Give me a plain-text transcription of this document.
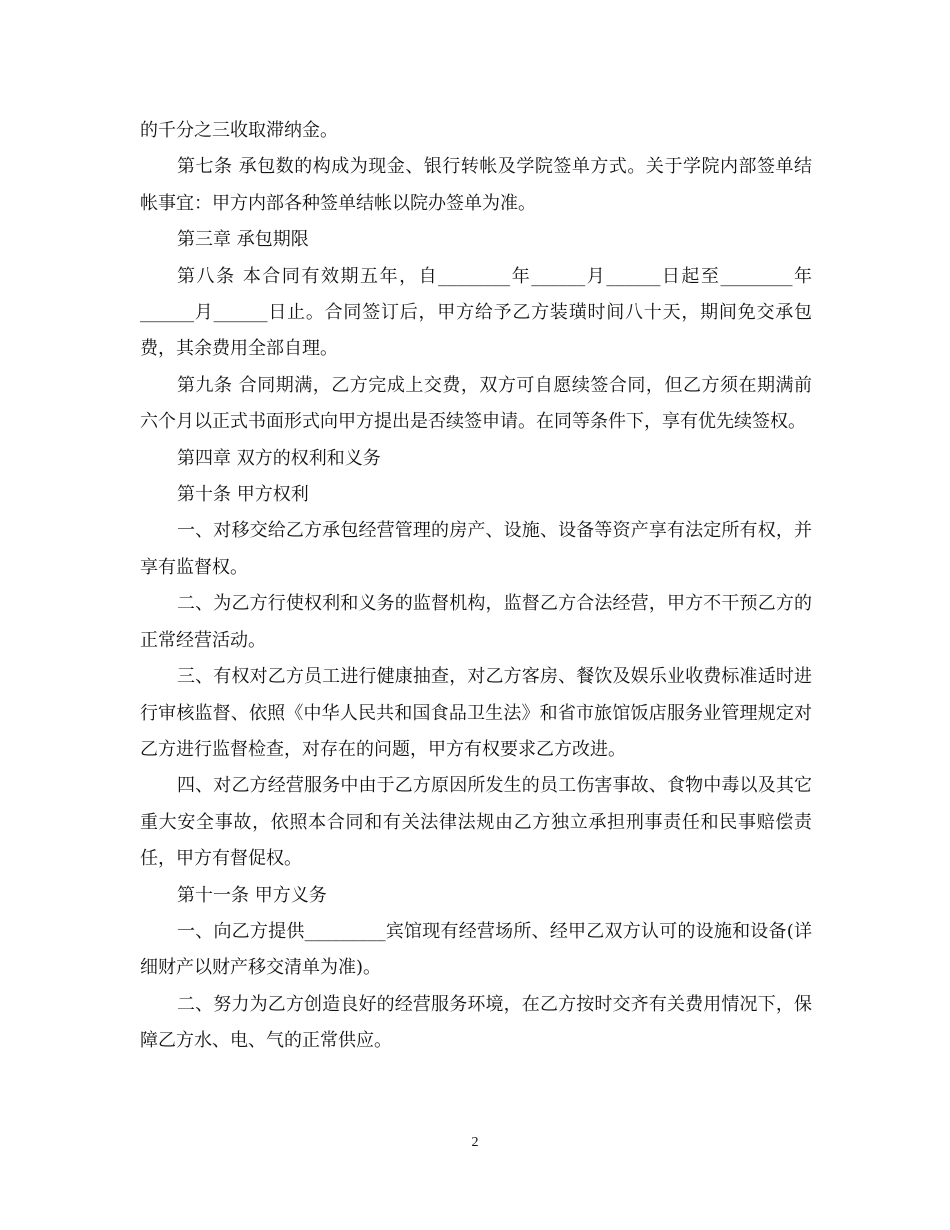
的千分之三收取滞纳金。

第七条 承包数的构成为现金、银行转帐及学院签单方式。关于学院内部签单结帐事宜：甲方内部各种签单结帐以院办签单为准。

第三章 承包期限

第八条 本合同有效期五年，自________年______月______日起至________年______月______日止。合同签订后，甲方给予乙方装璜时间八十天，期间免交承包费，其余费用全部自理。

第九条 合同期满，乙方完成上交费，双方可自愿续签合同，但乙方须在期满前六个月以正式书面形式向甲方提出是否续签申请。在同等条件下，享有优先续签权。

第四章 双方的权利和义务

第十条 甲方权利

一、对移交给乙方承包经营管理的房产、设施、设备等资产享有法定所有权，并享有监督权。

二、为乙方行使权利和义务的监督机构，监督乙方合法经营，甲方不干预乙方的正常经营活动。

三、有权对乙方员工进行健康抽查，对乙方客房、餐饮及娱乐业收费标准适时进行审核监督、依照《中华人民共和国食品卫生法》和省市旅馆饭店服务业管理规定对乙方进行监督检查，对存在的问题，甲方有权要求乙方改进。

四、对乙方经营服务中由于乙方原因所发生的员工伤害事故、食物中毒以及其它重大安全事故，依照本合同和有关法律法规由乙方独立承担刑事责任和民事赔偿责任，甲方有督促权。

第十一条 甲方义务

一、向乙方提供_________宾馆现有经营场所、经甲乙双方认可的设施和设备(详细财产以财产移交清单为准)。

二、努力为乙方创造良好的经营服务环境，在乙方按时交齐有关费用情况下，保障乙方水、电、气的正常供应。

2
